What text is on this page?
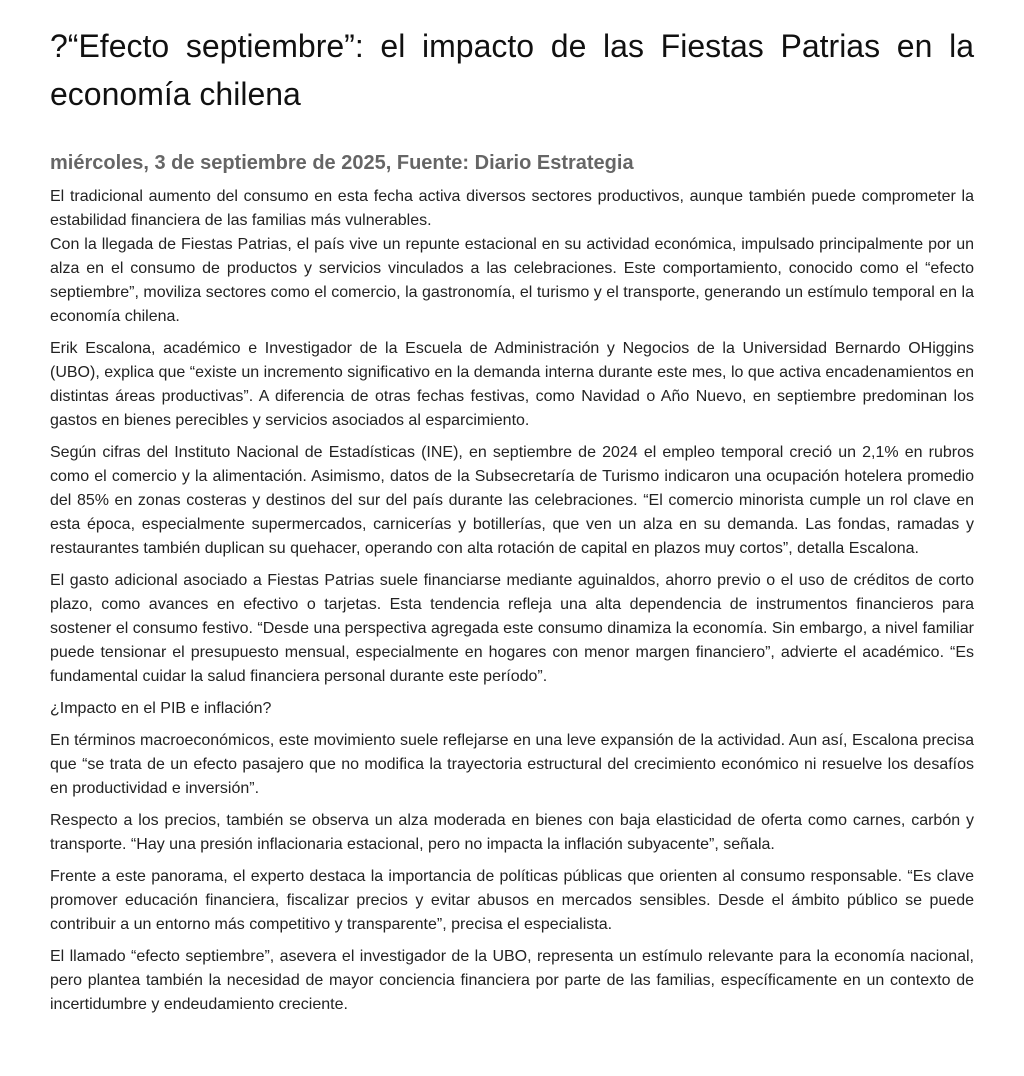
?“Efecto septiembre”: el impacto de las Fiestas Patrias en la economía chilena
miércoles, 3 de septiembre de 2025, Fuente: Diario Estrategia

El tradicional aumento del consumo en esta fecha activa diversos sectores productivos, aunque también puede comprometer la estabilidad financiera de las familias más vulnerables.

Con la llegada de Fiestas Patrias, el país vive un repunte estacional en su actividad económica, impulsado principalmente por un alza en el consumo de productos y servicios vinculados a las celebraciones. Este comportamiento, conocido como el “efecto septiembre”, moviliza sectores como el comercio, la gastronomía, el turismo y el transporte, generando un estímulo temporal en la economía chilena.

Erik Escalona, académico e Investigador de la Escuela de Administración y Negocios de la Universidad Bernardo OHiggins (UBO), explica que “existe un incremento significativo en la demanda interna durante este mes, lo que activa encadenamientos en distintas áreas productivas”. A diferencia de otras fechas festivas, como Navidad o Año Nuevo, en septiembre predominan los gastos en bienes perecibles y servicios asociados al esparcimiento.

Según cifras del Instituto Nacional de Estadísticas (INE), en septiembre de 2024 el empleo temporal creció un 2,1% en rubros como el comercio y la alimentación. Asimismo, datos de la Subsecretaría de Turismo indicaron una ocupación hotelera promedio del 85% en zonas costeras y destinos del sur del país durante las celebraciones. “El comercio minorista cumple un rol clave en esta época, especialmente supermercados, carnicerías y botillerías, que ven un alza en su demanda. Las fondas, ramadas y restaurantes también duplican su quehacer, operando con alta rotación de capital en plazos muy cortos”, detalla Escalona.

El gasto adicional asociado a Fiestas Patrias suele financiarse mediante aguinaldos, ahorro previo o el uso de créditos de corto plazo, como avances en efectivo o tarjetas. Esta tendencia refleja una alta dependencia de instrumentos financieros para sostener el consumo festivo. “Desde una perspectiva agregada este consumo dinamiza la economía. Sin embargo, a nivel familiar puede tensionar el presupuesto mensual, especialmente en hogares con menor margen financiero”, advierte el académico. “Es fundamental cuidar la salud financiera personal durante este período”.

¿Impacto en el PIB e inflación?

En términos macroeconómicos, este movimiento suele reflejarse en una leve expansión de la actividad. Aun así, Escalona precisa que “se trata de un efecto pasajero que no modifica la trayectoria estructural del crecimiento económico ni resuelve los desafíos en productividad e inversión”.

Respecto a los precios, también se observa un alza moderada en bienes con baja elasticidad de oferta como carnes, carbón y transporte. “Hay una presión inflacionaria estacional, pero no impacta la inflación subyacente”, señala.

Frente a este panorama, el experto destaca la importancia de políticas públicas que orienten al consumo responsable. “Es clave promover educación financiera, fiscalizar precios y evitar abusos en mercados sensibles. Desde el ámbito público se puede contribuir a un entorno más competitivo y transparente”, precisa el especialista.

El llamado “efecto septiembre”, asevera el investigador de la UBO, representa un estímulo relevante para la economía nacional, pero plantea también la necesidad de mayor conciencia financiera por parte de las familias, específicamente en un contexto de incertidumbre y endeudamiento creciente.
